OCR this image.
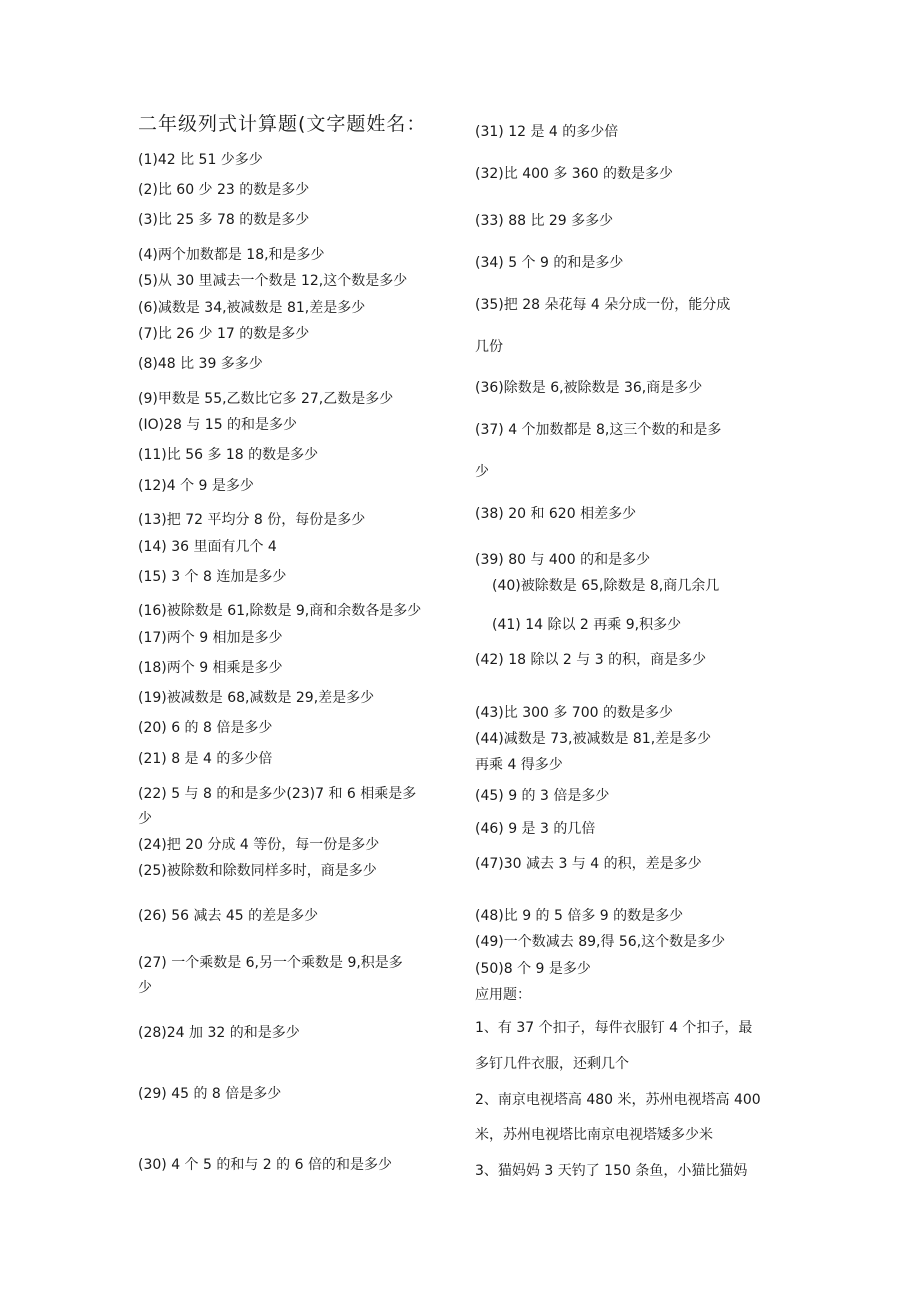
二年级列式计算题(文字题姓名：
(1)42 比 51 少多少
(2)比 60 少 23 的数是多少
(3)比 25 多 78 的数是多少
(4)两个加数都是 18,和是多少
(5)从 30 里减去一个数是 12,这个数是多少
(6)减数是 34,被减数是 81,差是多少
(7)比 26 少 17 的数是多少
(8)48 比 39 多多少
(9)甲数是 55,乙数比它多 27,乙数是多少
(IO)28 与 15 的和是多少
(11)比 56 多 18 的数是多少
(12)4 个 9 是多少
(13)把 72 平均分 8 份，每份是多少
(14) 36 里面有几个 4
(15) 3 个 8 连加是多少
(16)被除数是 61,除数是 9,商和余数各是多少
(17)两个 9 相加是多少
(18)两个 9 相乘是多少
(19)被减数是 68,减数是 29,差是多少
(20) 6 的 8 倍是多少
(21) 8 是 4 的多少倍
(22) 5 与 8 的和是多少(23)7 和 6 相乘是多
少
(24)把 20 分成 4 等份，每一份是多少
(25)被除数和除数同样多时，商是多少
(26) 56 减去 45 的差是多少
(27) 一个乘数是 6,另一个乘数是 9,积是多
少
(28)24 加 32 的和是多少
(29) 45 的 8 倍是多少
(30) 4 个 5 的和与 2 的 6 倍的和是多少
(31) 12 是 4 的多少倍
(32)比 400 多 360 的数是多少
(33) 88 比 29 多多少
(34) 5 个 9 的和是多少
(35)把 28 朵花每 4 朵分成一份，能分成
几份
(36)除数是 6,被除数是 36,商是多少
(37) 4 个加数都是 8,这三个数的和是多
少
(38) 20 和 620 相差多少
(39) 80 与 400 的和是多少
(40)被除数是 65,除数是 8,商几余几
(41) 14 除以 2 再乘 9,积多少
(42) 18 除以 2 与 3 的积，商是多少
(43)比 300 多 700 的数是多少
(44)减数是 73,被减数是 81,差是多少
再乘 4 得多少
(45) 9 的 3 倍是多少
(46) 9 是 3 的几倍
(47)30 减去 3 与 4 的积，差是多少
(48)比 9 的 5 倍多 9 的数是多少
(49)一个数减去 89,得 56,这个数是多少
(50)8 个 9 是多少
应用题：
1、有 37 个扣子，每件衣服钉 4 个扣子，最
多钉几件衣服，还剩几个
2、南京电视塔高 480 米，苏州电视塔高 400
米，苏州电视塔比南京电视塔矮多少米
3、猫妈妈 3 天钓了 150 条鱼，小猫比猫妈
